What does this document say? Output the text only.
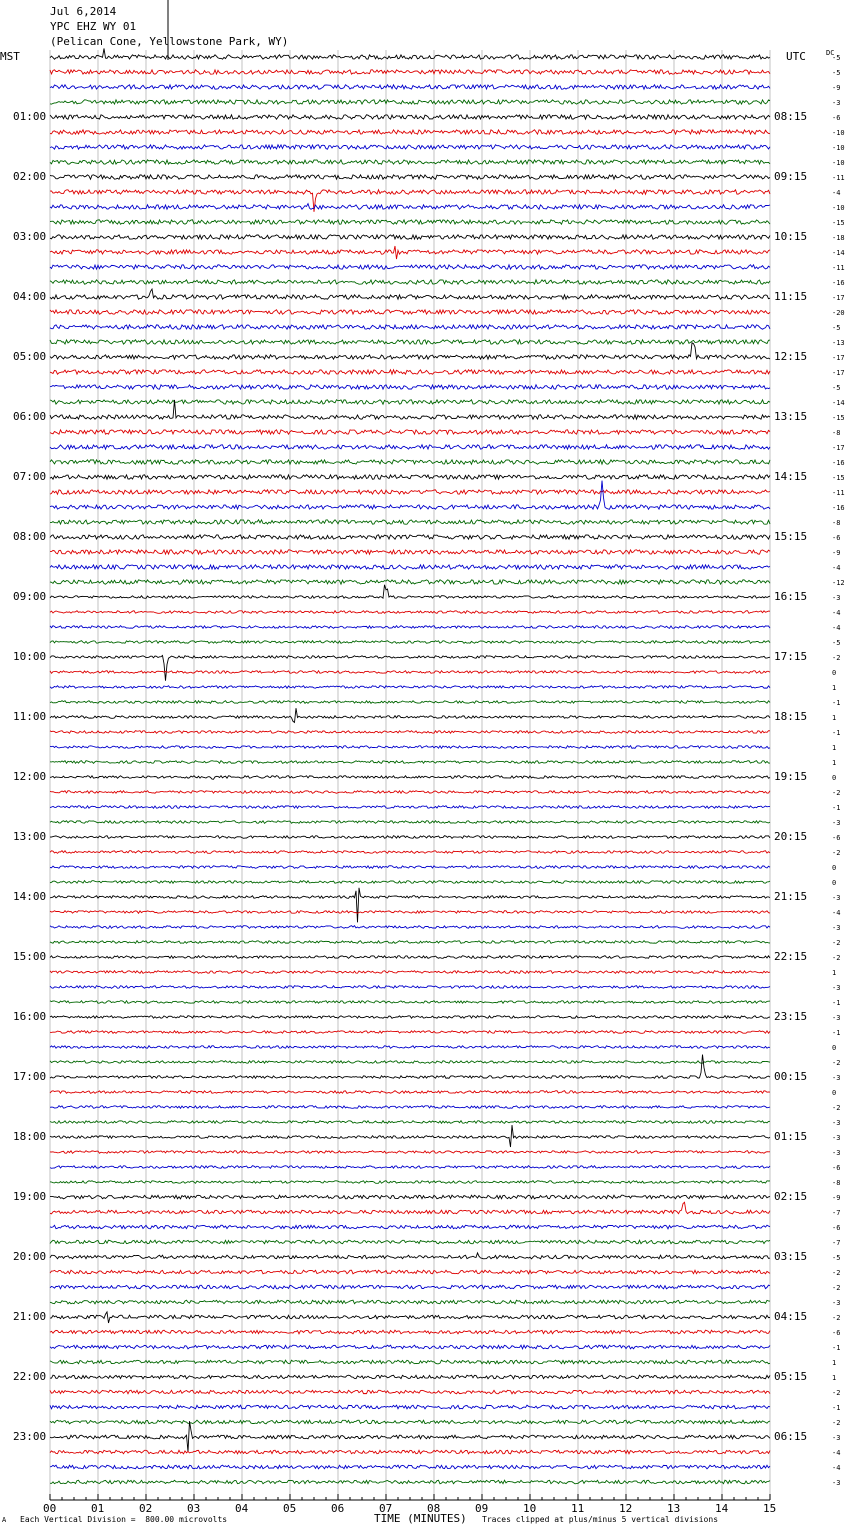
Jul 6,2014
YPC EHZ WY 01
(Pelican Cone, Yellowstone Park, WY)
MST	UTC	DC
01:00
02:00
03:00
04:00
05:00
06:00
07:00
08:00
09:00
10:00
11:00
12:00
13:00
14:00
15:00
16:00
17:00
18:00
19:00
20:00
21:00
22:00
23:00
08:15
09:15
10:15
11:15
12:15
13:15
14:15
15:15
16:15
17:15
18:15
19:15
20:15
21:15
22:15
23:15
00:15
01:15
02:15
03:15
04:15
05:15
06:15
-5
-5
-9
-3
-6
-10
-10
-10
-11
-4
-10
-15
-18
-14
-11
-16
-17
-20
-5
-13
-17
-17
-5
-14
-15
-8
-17
-16
-15
-11
-16
-8
-6
-9
-4
-12
-3
-4
-4
-5
-2
0
1
-1
1
-1
1
1
0
-2
-1
-3
-6
-2
0
0
-3
-4
-3
-2
-2
1
-3
-1
-3
-1
0
-2
-3
0
-2
-3
-3
-3
-6
-8
-9
-7
-6
-7
-5
-2
-2
-3
-2
-6
-1
1
1
-2
-1
-2
-3
-4
-4
-3
00	01	02	03	04	05	06	07	08	09	10	11	12	13	14	15
A Each Vertical Division =  800.00 microvolts	TIME (MINUTES) Traces clipped at plus/minus 5 vertical divisions
